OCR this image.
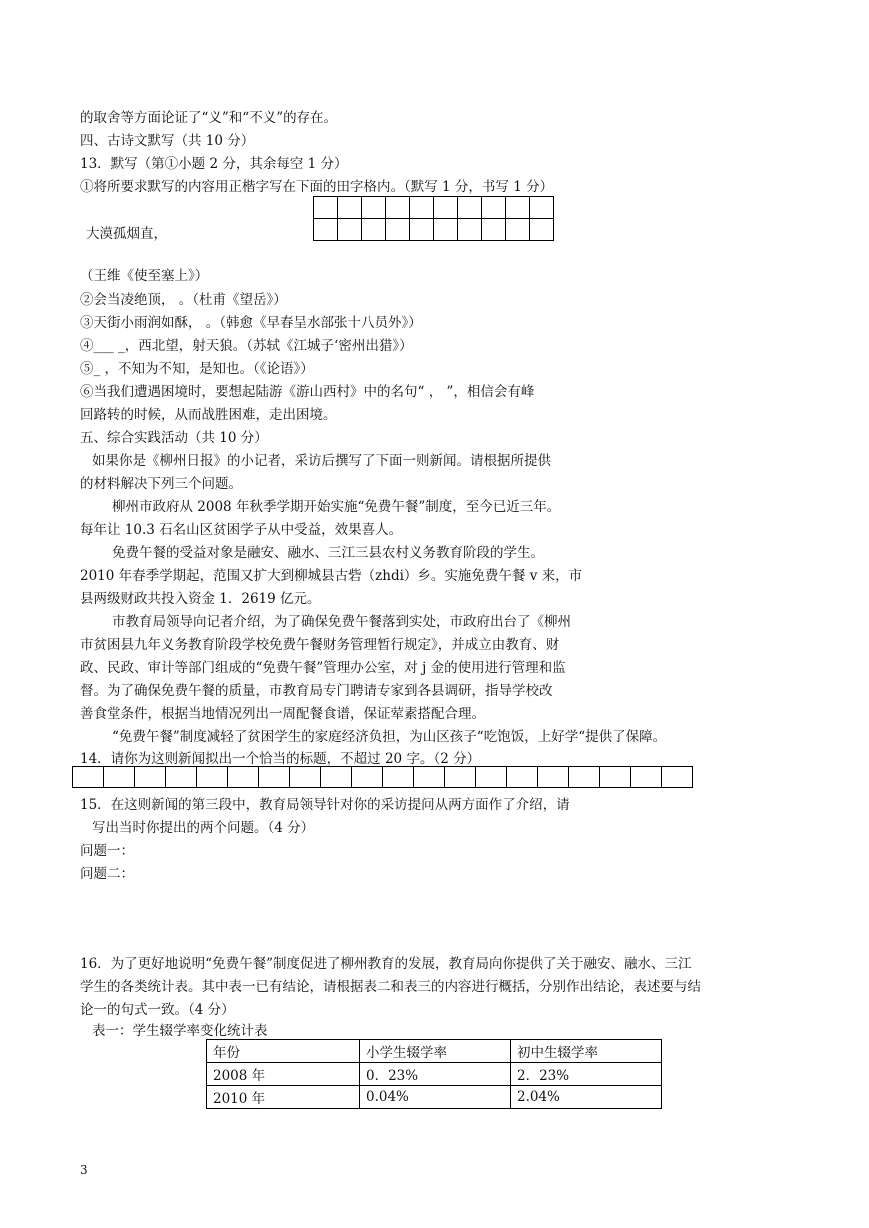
的取舍等方面论证了“义”和“不义”的存在。
四、古诗文默写（共 10 分）
13．默写（第①小题 2 分，其余每空 1 分）
①将所要求默写的内容用正楷字写在下面的田字格内。（默写 1 分，书写 1 分）

大漠孤烟直，
（王维《使至塞上》）
②会当凌绝顶， 。（杜甫《望岳》）
③天街小雨润如酥， 。（韩愈《早春呈水部张十八员外》）
④___ _，西北望，射天狼。（苏轼《江城子‘密州出猎》）
⑤_ ，不知为不知，是知也。（《论语》）
⑥当我们遭遇困境时，要想起陆游《游山西村》中的名句“ ， ”，相信会有峰
回路转的时候，从而战胜困难，走出困境。
五、综合实践活动（共 10 分）
如果你是《柳州日报》的小记者，采访后撰写了下面一则新闻。请根据所提供
的材料解决下列三个问题。
柳州市政府从 2008 年秋季学期开始实施“免费午餐”制度，至今已近三年。
每年让 10.3 石名山区贫困学子从中受益，效果喜人。
免费午餐的受益对象是融安、融水、三江三县农村义务教育阶段的学生。
2010 年春季学期起，范围又扩大到柳城县古砦（zhdi）乡。实施免费午餐 v 来，市
县两级财政共投入资金 1．2619 亿元。
市教育局领导向记者介绍，为了确保免费午餐落到实处，市政府出台了《柳州
市贫困县九年义务教育阶段学校免费午餐财务管理暂行规定》，并成立由教育、财
政、民政、审计等部门组成的“免费午餐”管理办公室，对 j 金的使用进行管理和监
督。为了确保免费午餐的质量，市教育局专门聘请专家到各县调研，指导学校改
善食堂条件，根据当地情况列出一周配餐食谱，保证荤素搭配合理。
“免费午餐”制度减轻了贫困学生的家庭经济负担，为山区孩子“吃饱饭，上好学“提供了保障。
14．请你为这则新闻拟出一个恰当的标题，不超过 20 字。（2 分）

15．在这则新闻的第三段中，教育局领导针对你的采访提问从两方面作了介绍，请
写出当时你提出的两个问题。（4 分）
问题一：
问题二：
16．为了更好地说明“免费午餐”制度促进了柳州教育的发展，教育局向你提供了关于融安、融水、三江
学生的各类统计表。其中表一已有结论，请根据表二和表三的内容进行概括，分别作出结论，表述要与结
论一的句式一致。（4 分）
表一：学生辍学率变化统计表
年份	小学生辍学率	初中生辍学率
2008 年	0．23%	2．23%
2010 年	0.04%	2.04%
3
